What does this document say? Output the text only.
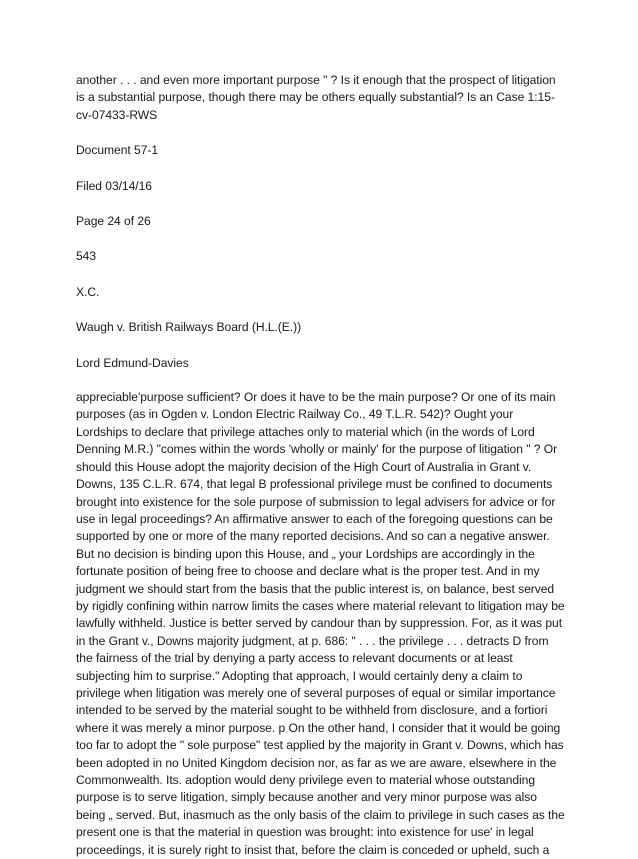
another . . . and even more important purpose " ? Is it enough that the prospect of litigation is a substantial purpose, though there may be others equally substantial? Is an Case 1:15-cv-07433-RWS

Document 57-1

Filed 03/14/16

Page 24 of 26

543

X.C.

Waugh v. British Railways Board (H.L.(E.))

Lord Edmund-Davies

appreciable'purpose sufficient? Or does it have to be the main purpose? Or one of its main purposes (as in Ogden v. London Electric Railway Co., 49 T.L.R. 542)? Ought your Lordships to declare that privilege attaches only to material which (in the words of Lord Denning M.R.) "comes within the words 'wholly or mainly' for the purpose of litigation " ? Or should this House adopt the majority decision of the High Court of Australia in Grant v. Downs, 135 C.L.R. 674, that legal B professional privilege must be confined to documents brought into existence for the sole purpose of submission to legal advisers for advice or for use in legal proceedings? An affirmative answer to each of the foregoing questions can be supported by one or more of the many reported decisions. And so can a negative answer. But no decision is binding upon this House, and „ your Lordships are accordingly in the fortunate position of being free to choose and declare what is the proper test. And in my judgment we should start from the basis that the public interest is, on balance, best served by rigidly confining within narrow limits the cases where material relevant to litigation may be lawfully withheld. Justice is better served by candour than by suppression. For, as it was put in the Grant v., Downs majority judgment, at p. 686: " . . . the privilege . . . detracts D from the fairness of the trial by denying a party access to relevant documents or at least subjecting him to surprise." Adopting that approach, I would certainly deny a claim to privilege when litigation was merely one of several purposes of equal or similar importance intended to be served by the material sought to be withheld from disclosure, and a fortiori where it was merely a minor purpose. p On the other hand, I consider that it would be going too far to adopt the " sole purpose" test applied by the majority in Grant v. Downs, which has been adopted in no United Kingdom decision nor, as far as we are aware, elsewhere in the Commonwealth. Its. adoption would deny privilege even to material whose outstanding purpose is to serve litigation, simply because another and very minor purpose was also being „ served. But, inasmuch as the only basis of the claim to privilege in such cases as the present one is that the material in question was brought: into existence for use' in legal proceedings, it is surely right to insist that, before the claim is conceded or upheld, such a
